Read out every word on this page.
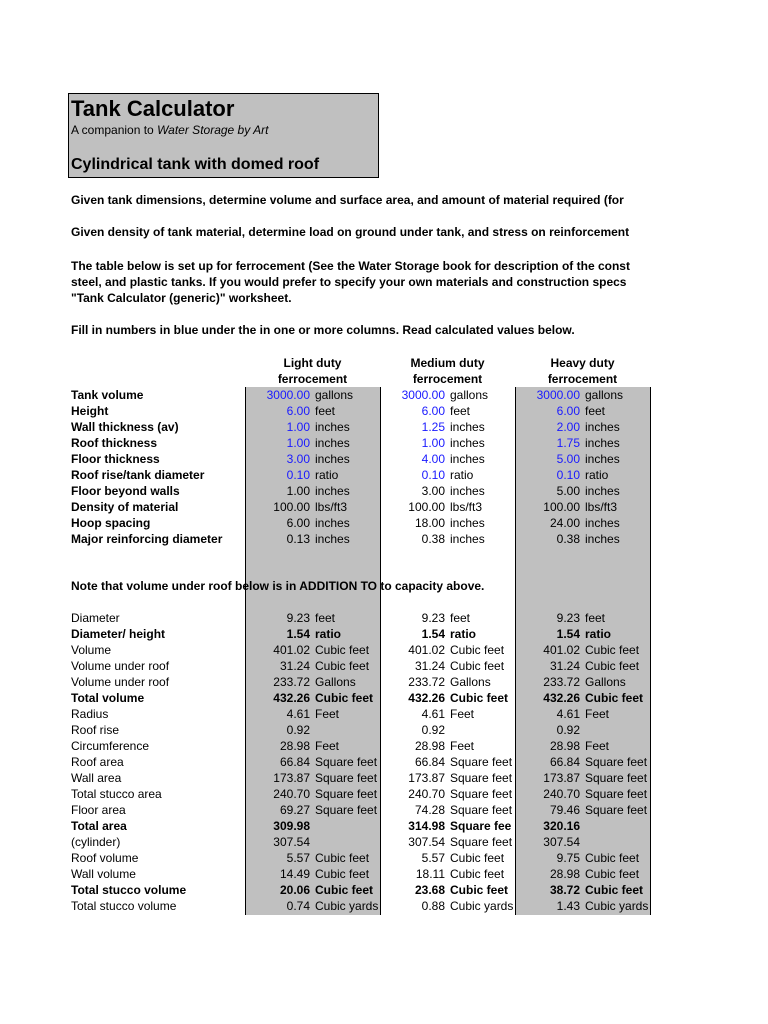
Tank Calculator
A companion to Water Storage by Art
Cylindrical tank with domed roof
Given tank dimensions, determine volume and surface area, and amount of material required (for
Given density of tank material, determine load on ground under tank, and stress on reinforcement
The table below is set up for ferrocement (See the Water Storage book for description of the const
steel, and plastic tanks. If you would prefer to specify your own materials and construction specs
"Tank Calculator (generic)" worksheet.
Fill in numbers in blue under the in one or more columns. Read calculated values below.
Light duty
ferrocement
Medium duty
ferrocement
Heavy duty
ferrocement
Tank volume	3000.00 gallons	3000.00 gallons	3000.00 gallons
Height	6.00 feet	6.00 feet	6.00 feet
Wall thickness (av)	1.00 inches	1.25 inches	2.00 inches
Roof thickness	1.00 inches	1.00 inches	1.75 inches
Floor thickness	3.00 inches	4.00 inches	5.00 inches
Roof rise/tank diameter	0.10 ratio	0.10 ratio	0.10 ratio
Floor beyond walls	1.00 inches	3.00 inches	5.00 inches
Density of material	100.00 lbs/ft3	100.00 lbs/ft3	100.00 lbs/ft3
Hoop spacing	6.00 inches	18.00 inches	24.00 inches
Major reinforcing diameter	0.13 inches	0.38 inches	0.38 inches
Note that volume under roof below is in ADDITION TO to capacity above.
Diameter	9.23 feet	9.23 feet	9.23 feet
Diameter/ height	1.54 ratio	1.54 ratio	1.54 ratio
Volume	401.02 Cubic feet	401.02 Cubic feet	401.02 Cubic feet
Volume under roof	31.24 Cubic feet	31.24 Cubic feet	31.24 Cubic feet
Volume under roof	233.72 Gallons	233.72 Gallons	233.72 Gallons
Total volume	432.26 Cubic feet	432.26 Cubic feet	432.26 Cubic feet
Radius	4.61 Feet	4.61 Feet	4.61 Feet
Roof rise	0.92	0.92	0.92
Circumference	28.98 Feet	28.98 Feet	28.98 Feet
Roof area	66.84 Square feet	66.84 Square feet	66.84 Square feet
Wall area	173.87 Square feet	173.87 Square feet	173.87 Square feet
Total stucco area	240.70 Square feet	240.70 Square feet	240.70 Square feet
Floor area	69.27 Square feet	74.28 Square feet	79.46 Square feet
Total area	309.98	314.98 Square fee	320.16
(cylinder)	307.54	307.54 Square feet	307.54
Roof volume	5.57 Cubic feet	5.57 Cubic feet	9.75 Cubic feet
Wall volume	14.49 Cubic feet	18.11 Cubic feet	28.98 Cubic feet
Total stucco volume	20.06 Cubic feet	23.68 Cubic feet	38.72 Cubic feet
Total stucco volume	0.74 Cubic yards	0.88 Cubic yards	1.43 Cubic yards
